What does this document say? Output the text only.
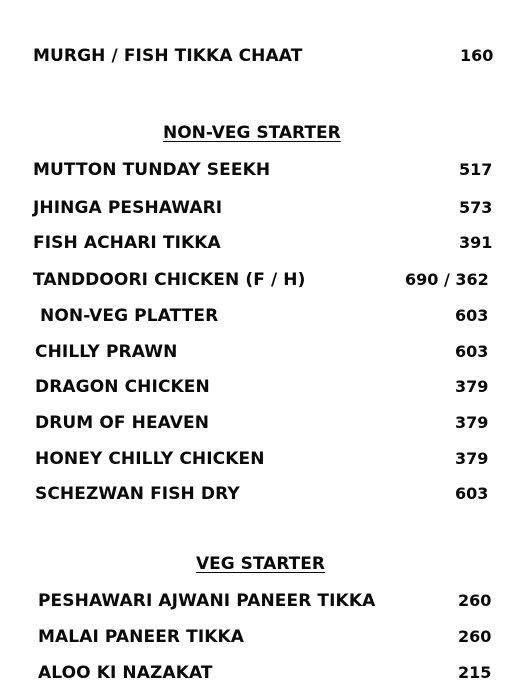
MURGH / FISH TIKKA CHAAT	160
NON-VEG STARTER
MUTTON TUNDAY SEEKH	517
JHINGA PESHAWARI	573
FISH ACHARI TIKKA	391
TANDDOORI CHICKEN (F / H)	690 / 362
NON-VEG PLATTER	603
CHILLY PRAWN	603
DRAGON CHICKEN	379
DRUM OF HEAVEN	379
HONEY CHILLY CHICKEN	379
SCHEZWAN FISH DRY	603
VEG STARTER
PESHAWARI AJWANI PANEER TIKKA	260
MALAI PANEER TIKKA	260
ALOO KI NAZAKAT	215
